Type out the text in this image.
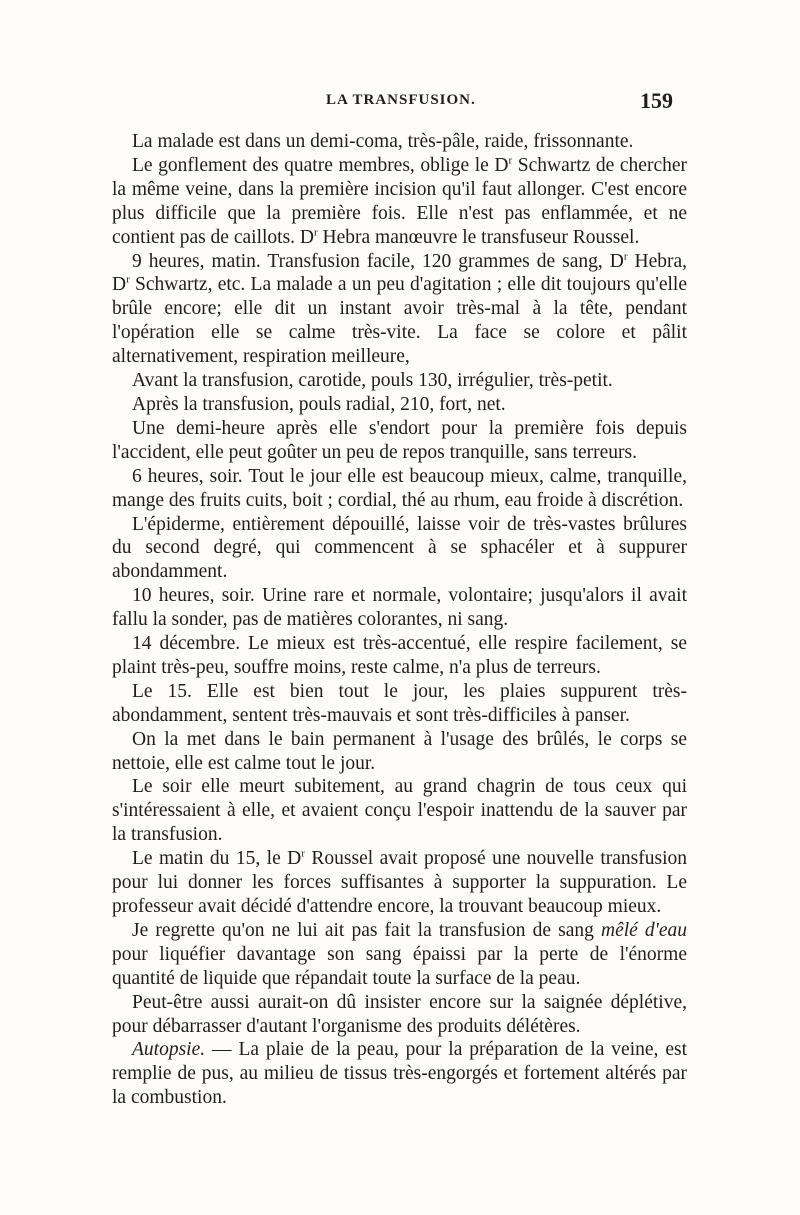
LA TRANSFUSION.	159

La malade est dans un demi-coma, très-pâle, raide, frissonnante.

Le gonflement des quatre membres, oblige le $D^r$ Schwartz de chercher la même veine, dans la première incision qu'il faut allonger. C'est encore plus difficile que la première fois. Elle n'est pas enflammée, et ne contient pas de caillots. $D^r$ Hebra manœuvre le transfuseur Roussel.

9 heures, matin. Transfusion facile, 120 grammes de sang, $D^r$ Hebra, $D^r$ Schwartz, etc. La malade a un peu d'agitation ; elle dit toujours qu'elle brûle encore; elle dit un instant avoir très-mal à la tête, pendant l'opération elle se calme très-vite. La face se colore et pâlit alternativement, respiration meilleure,

Avant la transfusion, carotide, pouls 130, irrégulier, très-petit.

Après la transfusion, pouls radial, 210, fort, net.

Une demi-heure après elle s'endort pour la première fois depuis l'accident, elle peut goûter un peu de repos tranquille, sans terreurs.

6 heures, soir. Tout le jour elle est beaucoup mieux, calme, tranquille, mange des fruits cuits, boit ; cordial, thé au rhum, eau froide à discrétion.

L'épiderme, entièrement dépouillé, laisse voir de très-vastes brûlures du second degré, qui commencent à se sphacéler et à suppurer abondamment.

10 heures, soir. Urine rare et normale, volontaire; jusqu'alors il avait fallu la sonder, pas de matières colorantes, ni sang.

14 décembre. Le mieux est très-accentué, elle respire facilement, se plaint très-peu, souffre moins, reste calme, n'a plus de terreurs.

Le 15. Elle est bien tout le jour, les plaies suppurent très-abondamment, sentent très-mauvais et sont très-difficiles à panser.

On la met dans le bain permanent à l'usage des brûlés, le corps se nettoie, elle est calme tout le jour.

Le soir elle meurt subitement, au grand chagrin de tous ceux qui s'intéressaient à elle, et avaient conçu l'espoir inattendu de la sauver par la transfusion.

Le matin du 15, le $D^r$ Roussel avait proposé une nouvelle transfusion pour lui donner les forces suffisantes à supporter la suppuration. Le professeur avait décidé d'attendre encore, la trouvant beaucoup mieux.

Je regrette qu'on ne lui ait pas fait la transfusion de sang mêlé d'eau pour liquéfier davantage son sang épaissi par la perte de l'énorme quantité de liquide que répandait toute la surface de la peau.

Peut-être aussi aurait-on dû insister encore sur la saignée déplétive, pour débarrasser d'autant l'organisme des produits délétères.

Autopsie. — La plaie de la peau, pour la préparation de la veine, est remplie de pus, au milieu de tissus très-engorgés et fortement altérés par la combustion.
